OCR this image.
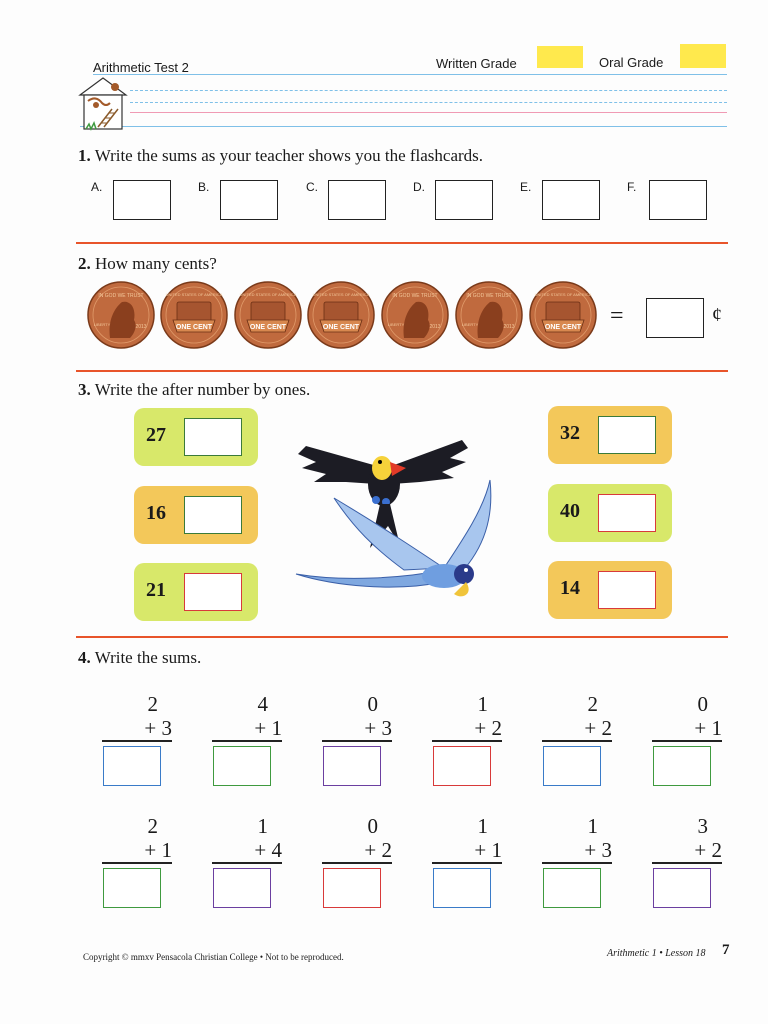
Arithmetic Test 2	Written Grade	Oral Grade
1. Write the sums as your teacher shows you the flashcards.
A.	B.	C.	D.	E.	F.
2. How many cents?
IN GOD WE TRUST
LIBERTY	2013
UNITED STATES OF AMERICA
ONE CENT
UNITED STATES OF AMERICA
ONE CENT
UNITED STATES OF AMERICA
ONE CENT
IN GOD WE TRUST
LIBERTY	2013
IN GOD WE TRUST
LIBERTY	2013
UNITED STATES OF AMERICA
ONE CENT =	¢
3. Write the after number by ones.
27
16
21
32
40
14
4. Write the sums.
2
+ 3
4
+ 1
0
+ 3
1
+ 2
2
+ 2
0
+ 1
2
+ 1
1
+ 4
0
+ 2
1
+ 1
1
+ 3
3
+ 2
Copyright © mmxv Pensacola Christian College • Not to be reproduced.	Arithmetic 1 • Lesson 18 7
